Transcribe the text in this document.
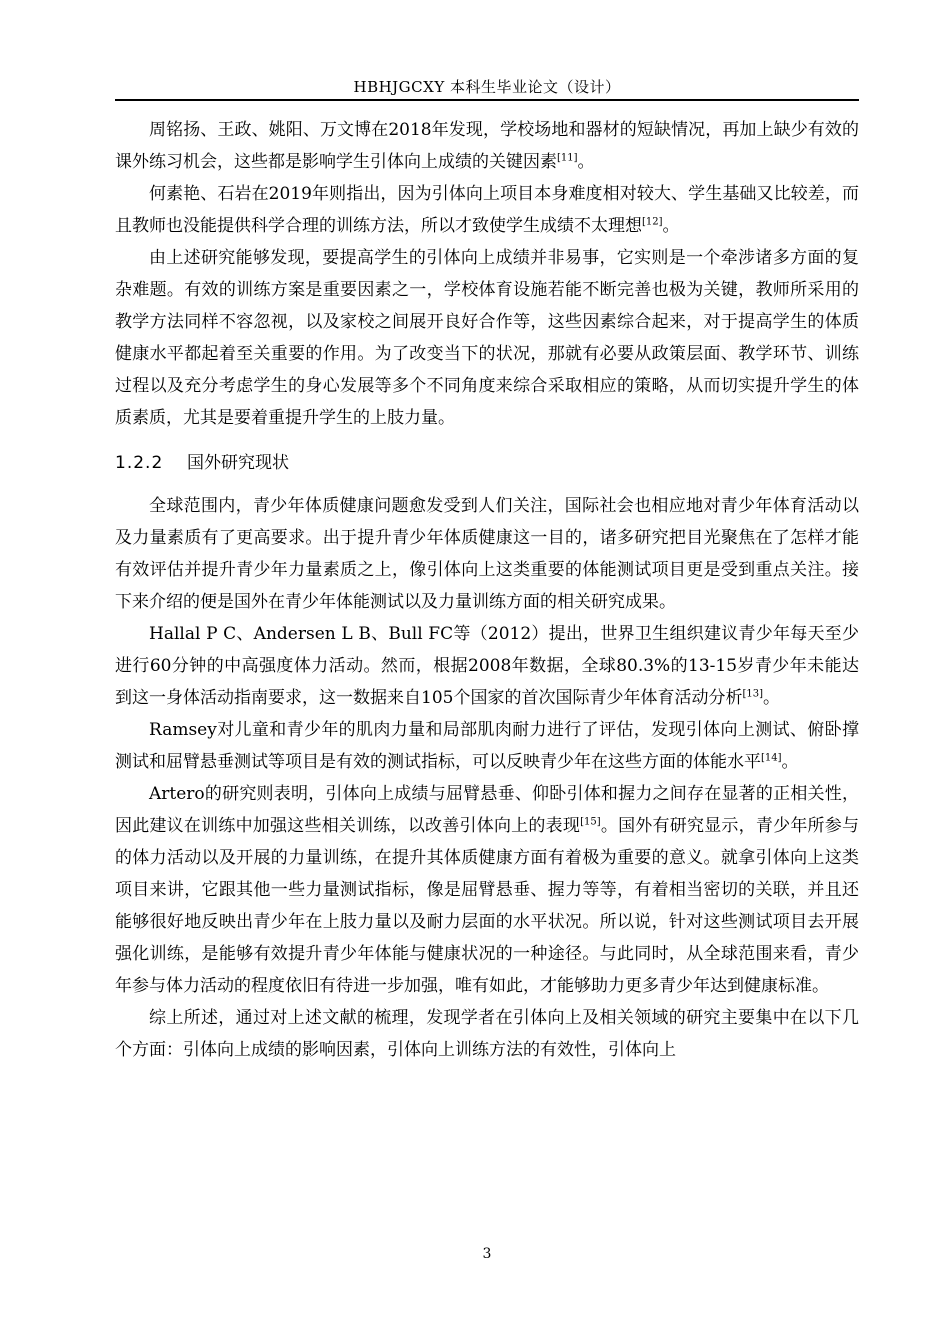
HBHJGCXY 本科生毕业论文（设计）

周铭扬、王政、姚阳、万文博在2018年发现，学校场地和器材的短缺情况，再加上缺少有效的课外练习机会，这些都是影响学生引体向上成绩的关键因素[11]。

何素艳、石岩在2019年则指出，因为引体向上项目本身难度相对较大、学生基础又比较差，而且教师也没能提供科学合理的训练方法，所以才致使学生成绩不太理想[12]。

由上述研究能够发现，要提高学生的引体向上成绩并非易事，它实则是一个牵涉诸多方面的复杂难题。有效的训练方案是重要因素之一，学校体育设施若能不断完善也极为关键，教师所采用的教学方法同样不容忽视，以及家校之间展开良好合作等，这些因素综合起来，对于提高学生的体质健康水平都起着至关重要的作用。为了改变当下的状况，那就有必要从政策层面、教学环节、训练过程以及充分考虑学生的身心发展等多个不同角度来综合采取相应的策略，从而切实提升学生的体质素质，尤其是要着重提升学生的上肢力量。

1.2.2 国外研究现状

全球范围内，青少年体质健康问题愈发受到人们关注，国际社会也相应地对青少年体育活动以及力量素质有了更高要求。出于提升青少年体质健康这一目的，诸多研究把目光聚焦在了怎样才能有效评估并提升青少年力量素质之上，像引体向上这类重要的体能测试项目更是受到重点关注。接下来介绍的便是国外在青少年体能测试以及力量训练方面的相关研究成果。

Hallal P C、Andersen L B、Bull FC等（2012）提出，世界卫生组织建议青少年每天至少进行60分钟的中高强度体力活动。然而，根据2008年数据，全球80.3%的13-15岁青少年未能达到这一身体活动指南要求，这一数据来自105个国家的首次国际青少年体育活动分析[13]。

Ramsey对儿童和青少年的肌肉力量和局部肌肉耐力进行了评估，发现引体向上测试、俯卧撑测试和屈臂悬垂测试等项目是有效的测试指标，可以反映青少年在这些方面的体能水平[14]。

Artero的研究则表明，引体向上成绩与屈臂悬垂、仰卧引体和握力之间存在显著的正相关性，因此建议在训练中加强这些相关训练，以改善引体向上的表现[15]。国外有研究显示，青少年所参与的体力活动以及开展的力量训练，在提升其体质健康方面有着极为重要的意义。就拿引体向上这类项目来讲，它跟其他一些力量测试指标，像是屈臂悬垂、握力等等，有着相当密切的关联，并且还能够很好地反映出青少年在上肢力量以及耐力层面的水平状况。所以说，针对这些测试项目去开展强化训练，是能够有效提升青少年体能与健康状况的一种途径。与此同时，从全球范围来看，青少年参与体力活动的程度依旧有待进一步加强，唯有如此，才能够助力更多青少年达到健康标准。

综上所述，通过对上述文献的梳理，发现学者在引体向上及相关领域的研究主要集中在以下几个方面：引体向上成绩的影响因素，引体向上训练方法的有效性，引体向上

3
